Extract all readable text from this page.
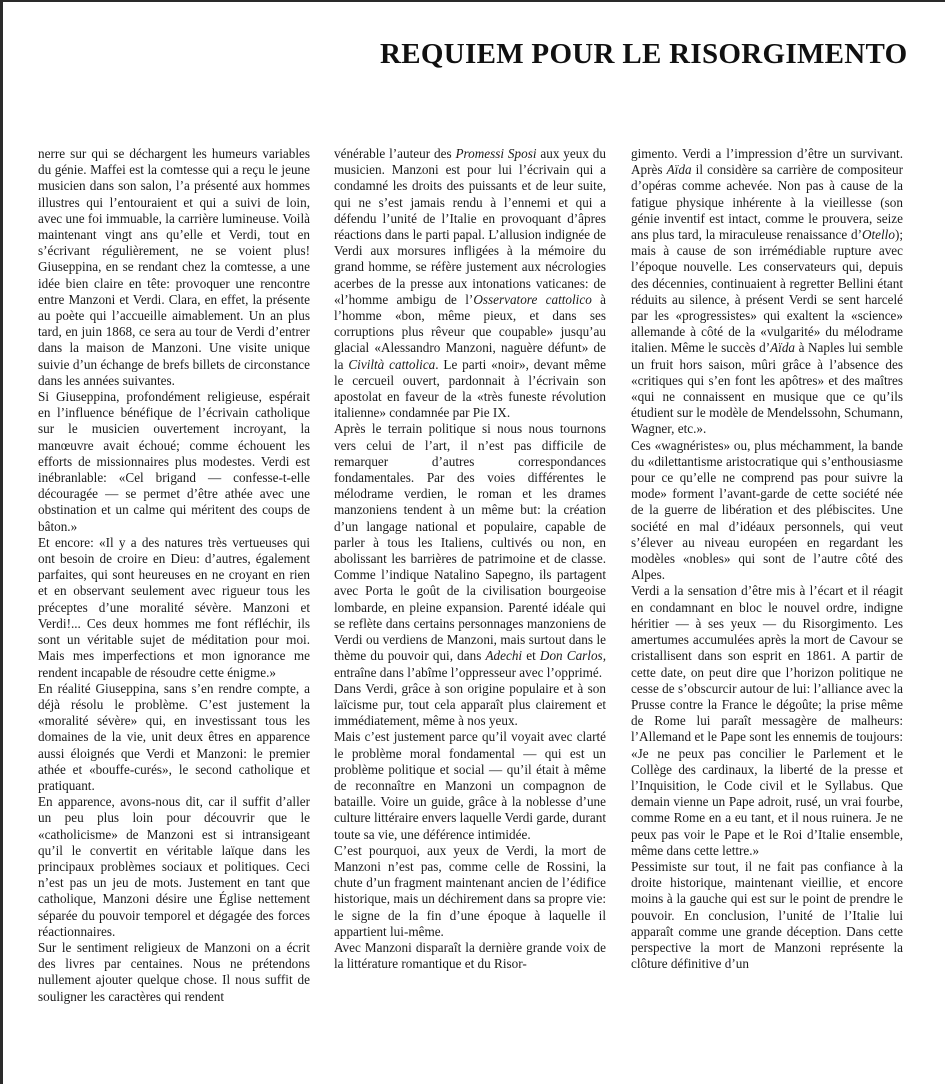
REQUIEM POUR LE RISORGIMENTO

nerre sur qui se déchargent les humeurs variables du génie. Maffei est la comtesse qui a reçu le jeune musicien dans son salon, l’a présenté aux hommes illustres qui l’entouraient et qui a suivi de loin, avec une foi immuable, la carrière lumineuse. Voilà maintenant vingt ans qu’elle et Verdi, tout en s’écrivant régulièrement, ne se voient plus! Giuseppina, en se rendant chez la comtesse, a une idée bien claire en tête: provoquer une rencontre entre Manzoni et Verdi. Clara, en effet, la présente au poète qui l’accueille aimablement. Un an plus tard, en juin 1868, ce sera au tour de Verdi d’entrer dans la maison de Manzoni. Une visite unique suivie d’un échange de brefs billets de circonstance dans les années suivantes.

Si Giuseppina, profondément religieuse, espérait en l’influence bénéfique de l’écrivain catholique sur le musicien ouvertement incroyant, la manœuvre avait échoué; comme échouent les efforts de missionnaires plus modestes. Verdi est inébranlable: «Cel brigand — confesse-t-elle découragée — se permet d’être athée avec une obstination et un calme qui méritent des coups de bâton.»

Et encore: «Il y a des natures très vertueuses qui ont besoin de croire en Dieu: d’autres, également parfaites, qui sont heureuses en ne croyant en rien et en observant seulement avec rigueur tous les préceptes d’une moralité sévère. Manzoni et Verdi!... Ces deux hommes me font réfléchir, ils sont un véritable sujet de méditation pour moi. Mais mes imperfections et mon ignorance me rendent incapable de résoudre cette énigme.»

En réalité Giuseppina, sans s’en rendre compte, a déjà résolu le problème. C’est justement la «moralité sévère» qui, en investissant tous les domaines de la vie, unit deux êtres en apparence aussi éloignés que Verdi et Manzoni: le premier athée et «bouffe-curés», le second catholique et pratiquant.

En apparence, avons-nous dit, car il suffit d’aller un peu plus loin pour découvrir que le «catholicisme» de Manzoni est si intransigeant qu’il le convertit en véritable laïque dans les principaux problèmes sociaux et politiques. Ceci n’est pas un jeu de mots. Justement en tant que catholique, Manzoni désire une Église nettement séparée du pouvoir temporel et dégagée des forces réactionnaires.

Sur le sentiment religieux de Manzoni on a écrit des livres par centaines. Nous ne prétendons nullement ajouter quelque chose. Il nous suffit de souligner les caractères qui rendent

vénérable l’auteur des Promessi Sposi aux yeux du musicien. Manzoni est pour lui l’écrivain qui a condamné les droits des puissants et de leur suite, qui ne s’est jamais rendu à l’ennemi et qui a défendu l’unité de l’Italie en provoquant d’âpres réactions dans le parti papal. L’allusion indignée de Verdi aux morsures infligées à la mémoire du grand homme, se réfère justement aux nécrologies acerbes de la presse aux intonations vaticanes: de «l’homme ambigu de l’Osservatore cattolico à l’homme «bon, même pieux, et dans ses corruptions plus rêveur que coupable» jusqu’au glacial «Alessandro Manzoni, naguère défunt» de la Civiltà cattolica. Le parti «noir», devant même le cercueil ouvert, pardonnait à l’écrivain son apostolat en faveur de la «très funeste révolution italienne» condamnée par Pie IX.

Après le terrain politique si nous nous tournons vers celui de l’art, il n’est pas difficile de remarquer d’autres correspondances fondamentales. Par des voies différentes le mélodrame verdien, le roman et les drames manzoniens tendent à un même but: la création d’un langage national et populaire, capable de parler à tous les Italiens, cultivés ou non, en abolissant les barrières de patrimoine et de classe. Comme l’indique Natalino Sapegno, ils partagent avec Porta le goût de la civilisation bourgeoise lombarde, en pleine expansion. Parenté idéale qui se reflète dans certains personnages manzoniens de Verdi ou verdiens de Manzoni, mais surtout dans le thème du pouvoir qui, dans Adechi et Don Carlos, entraîne dans l’abîme l’oppresseur avec l’opprimé.

Dans Verdi, grâce à son origine populaire et à son laïcisme pur, tout cela apparaît plus clairement et immédiatement, même à nos yeux.

Mais c’est justement parce qu’il voyait avec clarté le problème moral fondamental — qui est un problème politique et social — qu’il était à même de reconnaître en Manzoni un compagnon de bataille. Voire un guide, grâce à la noblesse d’une culture littéraire envers laquelle Verdi garde, durant toute sa vie, une déférence intimidée.

C’est pourquoi, aux yeux de Verdi, la mort de Manzoni n’est pas, comme celle de Rossini, la chute d’un fragment maintenant ancien de l’édifice historique, mais un déchirement dans sa propre vie: le signe de la fin d’une époque à laquelle il appartient lui-même.

Avec Manzoni disparaît la dernière grande voix de la littérature romantique et du Risor-

gimento. Verdi a l’impression d’être un survivant. Après Aïda il considère sa carrière de compositeur d’opéras comme achevée. Non pas à cause de la fatigue physique inhérente à la vieillesse (son génie inventif est intact, comme le prouvera, seize ans plus tard, la miraculeuse renaissance d’Otello); mais à cause de son irrémédiable rupture avec l’époque nouvelle. Les conservateurs qui, depuis des décennies, continuaient à regretter Bellini étant réduits au silence, à présent Verdi se sent harcelé par les «progressistes» qui exaltent la «science» allemande à côté de la «vulgarité» du mélodrame italien. Même le succès d’Aïda à Naples lui semble un fruit hors saison, mûri grâce à l’absence des «critiques qui s’en font les apôtres» et des maîtres «qui ne connaissent en musique que ce qu’ils étudient sur le modèle de Mendelssohn, Schumann, Wagner, etc.».

Ces «wagnéristes» ou, plus méchamment, la bande du «dilettantisme aristocratique qui s’enthousiasme pour ce qu’elle ne comprend pas pour suivre la mode» forment l’avant-garde de cette société née de la guerre de libération et des plébiscites. Une société en mal d’idéaux personnels, qui veut s’élever au niveau européen en regardant les modèles «nobles» qui sont de l’autre côté des Alpes.

Verdi a la sensation d’être mis à l’écart et il réagit en condamnant en bloc le nouvel ordre, indigne héritier — à ses yeux — du Risorgimento. Les amertumes accumulées après la mort de Cavour se cristallisent dans son esprit en 1861. A partir de cette date, on peut dire que l’horizon politique ne cesse de s’obscurcir autour de lui: l’alliance avec la Prusse contre la France le dégoûte; la prise même de Rome lui paraît messagère de malheurs: l’Allemand et le Pape sont les ennemis de toujours: «Je ne peux pas concilier le Parlement et le Collège des cardinaux, la liberté de la presse et l’Inquisition, le Code civil et le Syllabus. Que demain vienne un Pape adroit, rusé, un vrai fourbe, comme Rome en a eu tant, et il nous ruinera. Je ne peux pas voir le Pape et le Roi d’Italie ensemble, même dans cette lettre.»

Pessimiste sur tout, il ne fait pas confiance à la droite historique, maintenant vieillie, et encore moins à la gauche qui est sur le point de prendre le pouvoir. En conclusion, l’unité de l’Italie lui apparaît comme une grande déception. Dans cette perspective la mort de Manzoni représente la clôture définitive d’un
